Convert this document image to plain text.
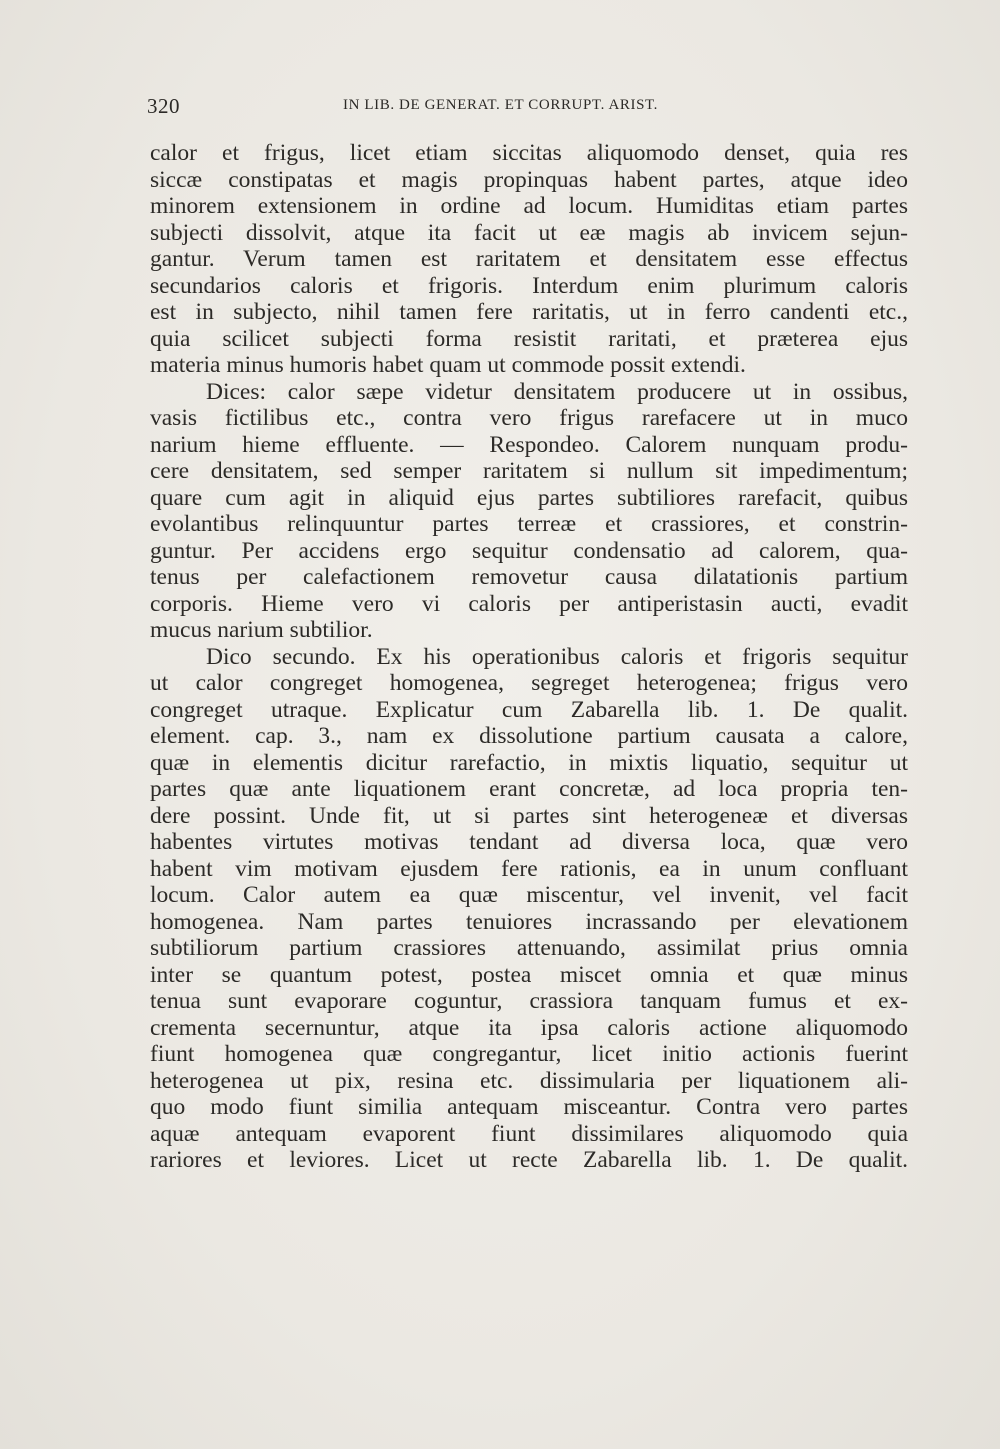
320	IN LIB. DE GENERAT. ET CORRUPT. ARIST.
calor et frigus, licet etiam siccitas aliquomodo denset, quia res
siccæ constipatas et magis propinquas habent partes, atque ideo
minorem extensionem in ordine ad locum. Humiditas etiam partes
subjecti dissolvit, atque ita facit ut eæ magis ab invicem sejun-
gantur. Verum tamen est raritatem et densitatem esse effectus
secundarios caloris et frigoris. Interdum enim plurimum caloris
est in subjecto, nihil tamen fere raritatis, ut in ferro candenti etc.,
quia scilicet subjecti forma resistit raritati, et præterea ejus
materia minus humoris habet quam ut commode possit extendi.
Dices: calor sæpe videtur densitatem producere ut in ossibus,
vasis fictilibus etc., contra vero frigus rarefacere ut in muco
narium hieme effluente. — Respondeo. Calorem nunquam produ-
cere densitatem, sed semper raritatem si nullum sit impedimentum;
quare cum agit in aliquid ejus partes subtiliores rarefacit, quibus
evolantibus relinquuntur partes terreæ et crassiores, et constrin-
guntur. Per accidens ergo sequitur condensatio ad calorem, qua-
tenus per calefactionem removetur causa dilatationis partium
corporis. Hieme vero vi caloris per antiperistasin aucti, evadit
mucus narium subtilior.
Dico secundo. Ex his operationibus caloris et frigoris sequitur
ut calor congreget homogenea, segreget heterogenea; frigus vero
congreget utraque. Explicatur cum Zabarella lib. 1. De qualit.
element. cap. 3., nam ex dissolutione partium causata a calore,
quæ in elementis dicitur rarefactio, in mixtis liquatio, sequitur ut
partes quæ ante liquationem erant concretæ, ad loca propria ten-
dere possint. Unde fit, ut si partes sint heterogeneæ et diversas
habentes virtutes motivas tendant ad diversa loca, quæ vero
habent vim motivam ejusdem fere rationis, ea in unum confluant
locum. Calor autem ea quæ miscentur, vel invenit, vel facit
homogenea. Nam partes tenuiores incrassando per elevationem
subtiliorum partium crassiores attenuando, assimilat prius omnia
inter se quantum potest, postea miscet omnia et quæ minus
tenua sunt evaporare coguntur, crassiora tanquam fumus et ex-
crementa secernuntur, atque ita ipsa caloris actione aliquomodo
fiunt homogenea quæ congregantur, licet initio actionis fuerint
heterogenea ut pix, resina etc. dissimularia per liquationem ali-
quo modo fiunt similia antequam misceantur. Contra vero partes
aquæ antequam evaporent fiunt dissimilares aliquomodo quia
rariores et leviores. Licet ut recte Zabarella lib. 1. De qualit.
